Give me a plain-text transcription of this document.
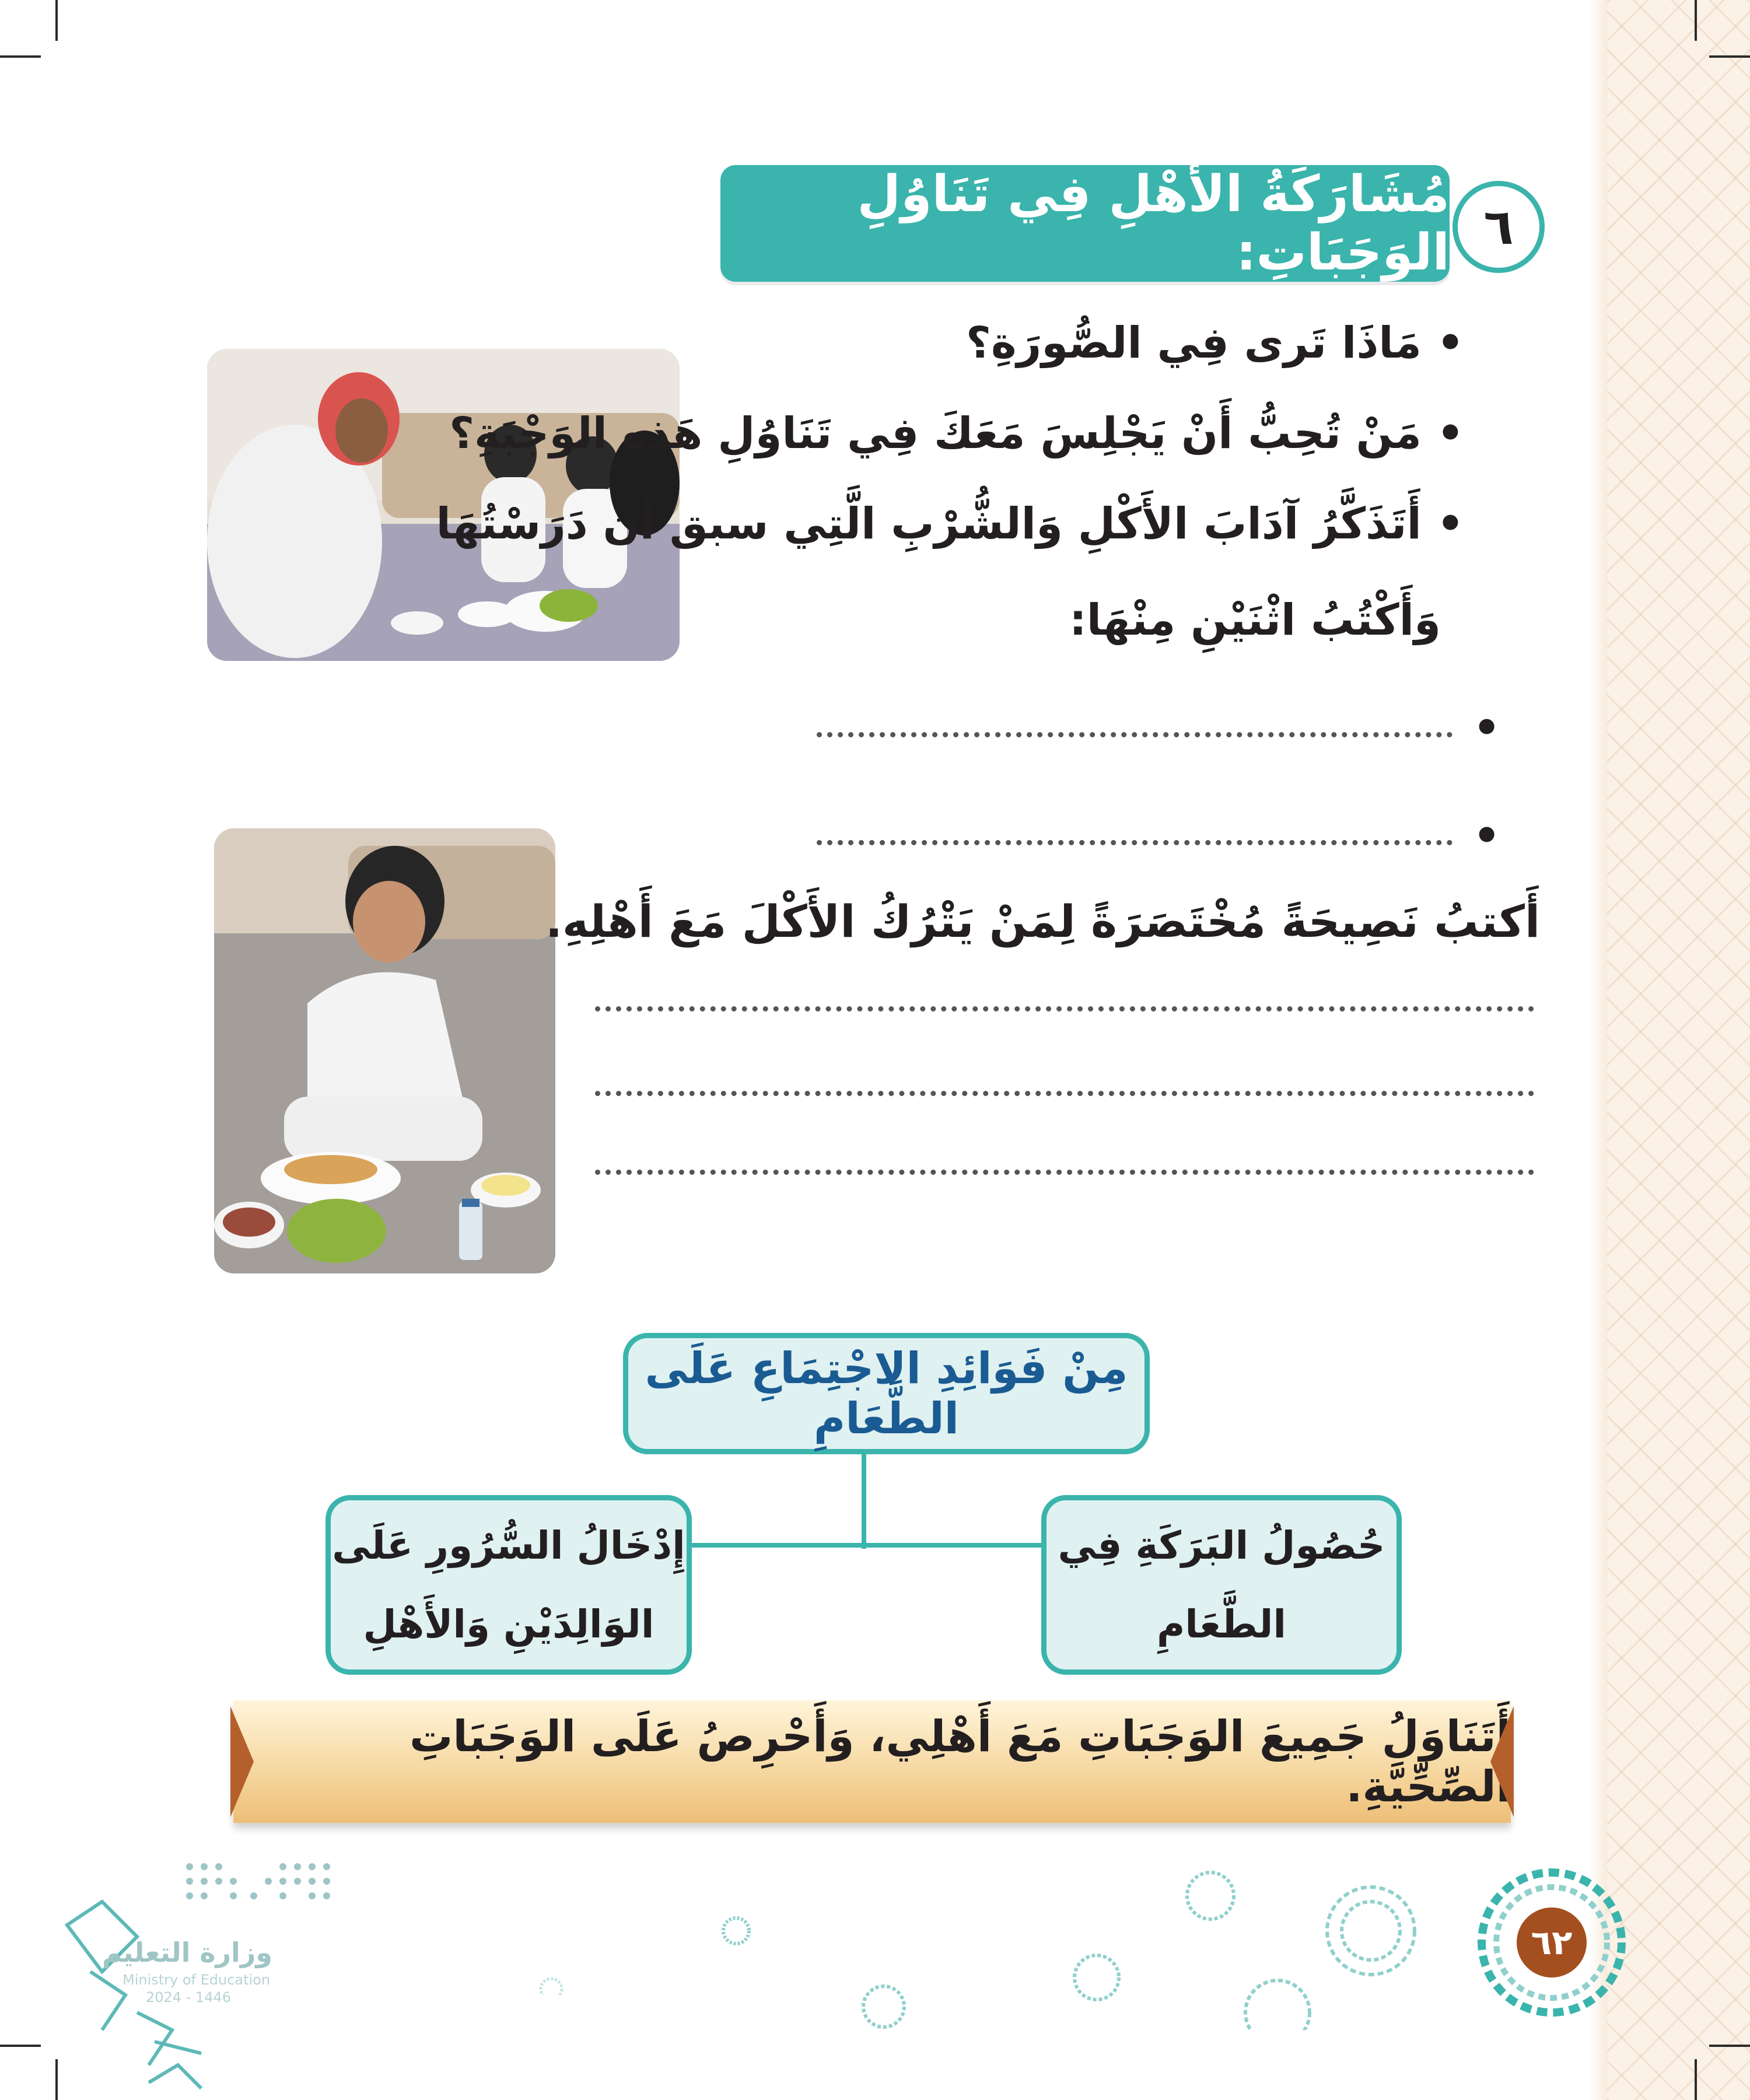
٦
مُشَارَكَةُ الأَهْلِ فِي تَنَاوُلِ الوَجَبَاتِ:
• مَاذَا تَرى فِي الصُّورَةِ؟
• مَنْ تُحِبُّ أَنْ يَجْلِسَ مَعَكَ فِي تَنَاوُلِ هَذِهِ الوَجْبَةِ؟
• أَتَذَكَّرُ آدَابَ الأَكْلِ وَالشُّرْبِ الَّتِي سبق أن دَرَسْتُهَا
وَأَكْتُبُ اثْنَيْنِ مِنْهَا:
•
•
أَكتبُ نَصِيحَةً مُخْتَصَرَةً لِمَنْ يَتْرُكُ الأَكْلَ مَعَ أَهْلِهِ.
مِنْ فَوَائِدِ الاجْتِمَاعِ عَلَى الطَّعَامِ
حُصُولُ البَرَكَةِ فِي
الطَّعَامِ
إِدْخَالُ السُّرُورِ عَلَى
الوَالِدَيْنِ وَالأَهْلِ
أَتَنَاوَلُ جَمِيعَ الوَجَبَاتِ مَعَ أَهْلِي، وَأَحْرِصُ عَلَى الوَجَبَاتِ الصِّحِّيَّةِ.
٦٢
وزارة التعليم
Ministry of Education
2024 - 1446
